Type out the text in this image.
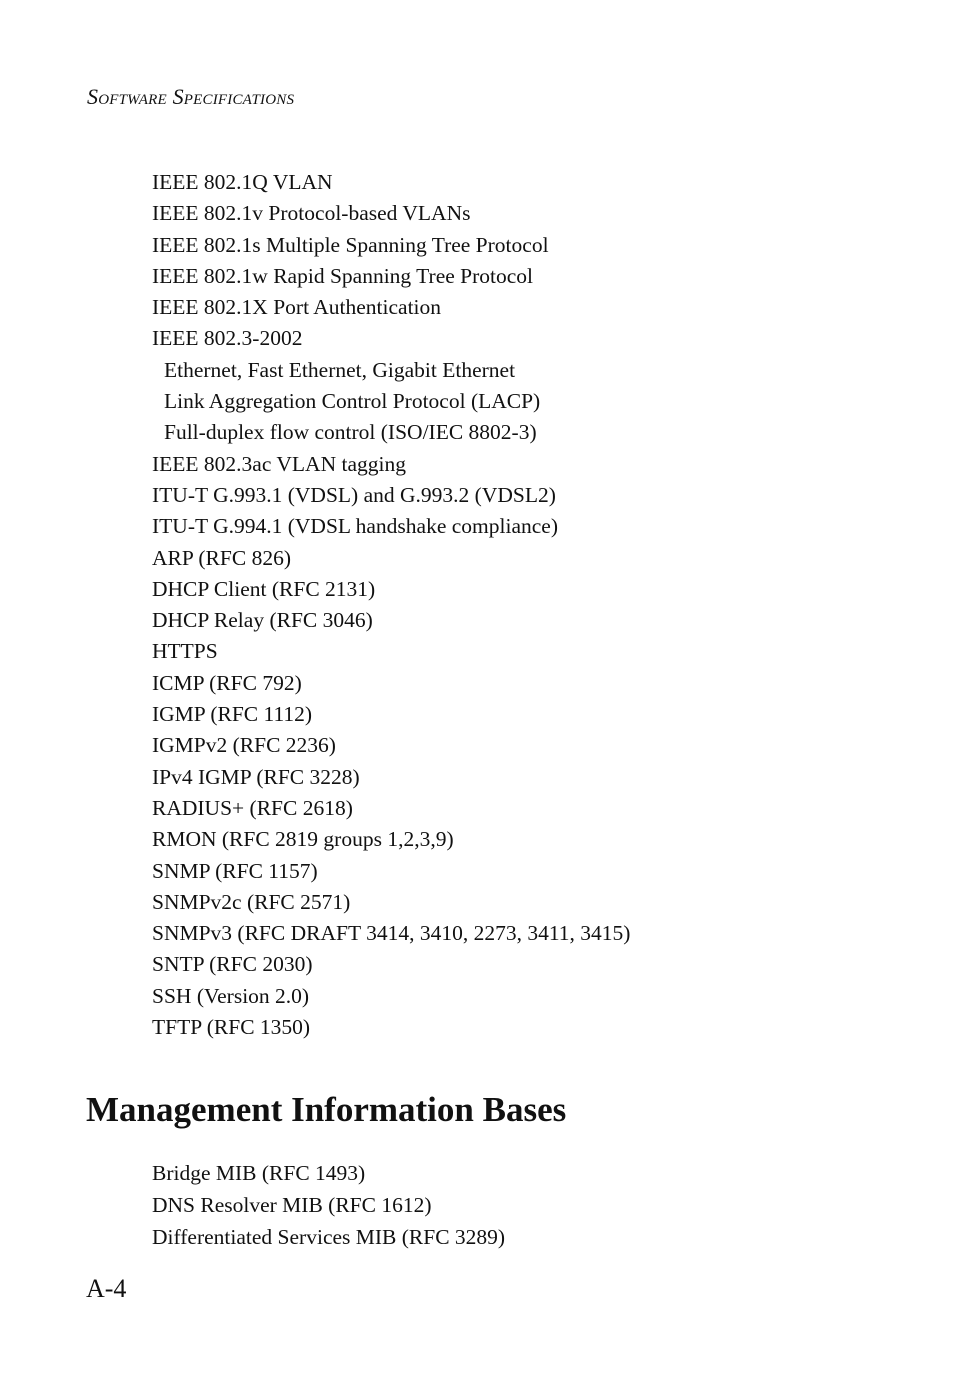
Software Specifications
IEEE 802.1Q VLAN
IEEE 802.1v Protocol-based VLANs
IEEE 802.1s Multiple Spanning Tree Protocol
IEEE 802.1w Rapid Spanning Tree Protocol
IEEE 802.1X Port Authentication
IEEE 802.3-2002
Ethernet, Fast Ethernet, Gigabit Ethernet
Link Aggregation Control Protocol (LACP)
Full-duplex flow control (ISO/IEC 8802-3)
IEEE 802.3ac VLAN tagging
ITU-T G.993.1 (VDSL) and G.993.2 (VDSL2)
ITU-T G.994.1 (VDSL handshake compliance)
ARP (RFC 826)
DHCP Client (RFC 2131)
DHCP Relay (RFC 3046)
HTTPS
ICMP (RFC 792)
IGMP (RFC 1112)
IGMPv2 (RFC 2236)
IPv4 IGMP (RFC 3228)
RADIUS+ (RFC 2618)
RMON (RFC 2819 groups 1,2,3,9)
SNMP (RFC 1157)
SNMPv2c (RFC 2571)
SNMPv3 (RFC DRAFT 3414, 3410, 2273, 3411, 3415)
SNTP (RFC 2030)
SSH (Version 2.0)
TFTP (RFC 1350)
Management Information Bases
Bridge MIB (RFC 1493)
DNS Resolver MIB (RFC 1612)
Differentiated Services MIB (RFC 3289)
A-4
